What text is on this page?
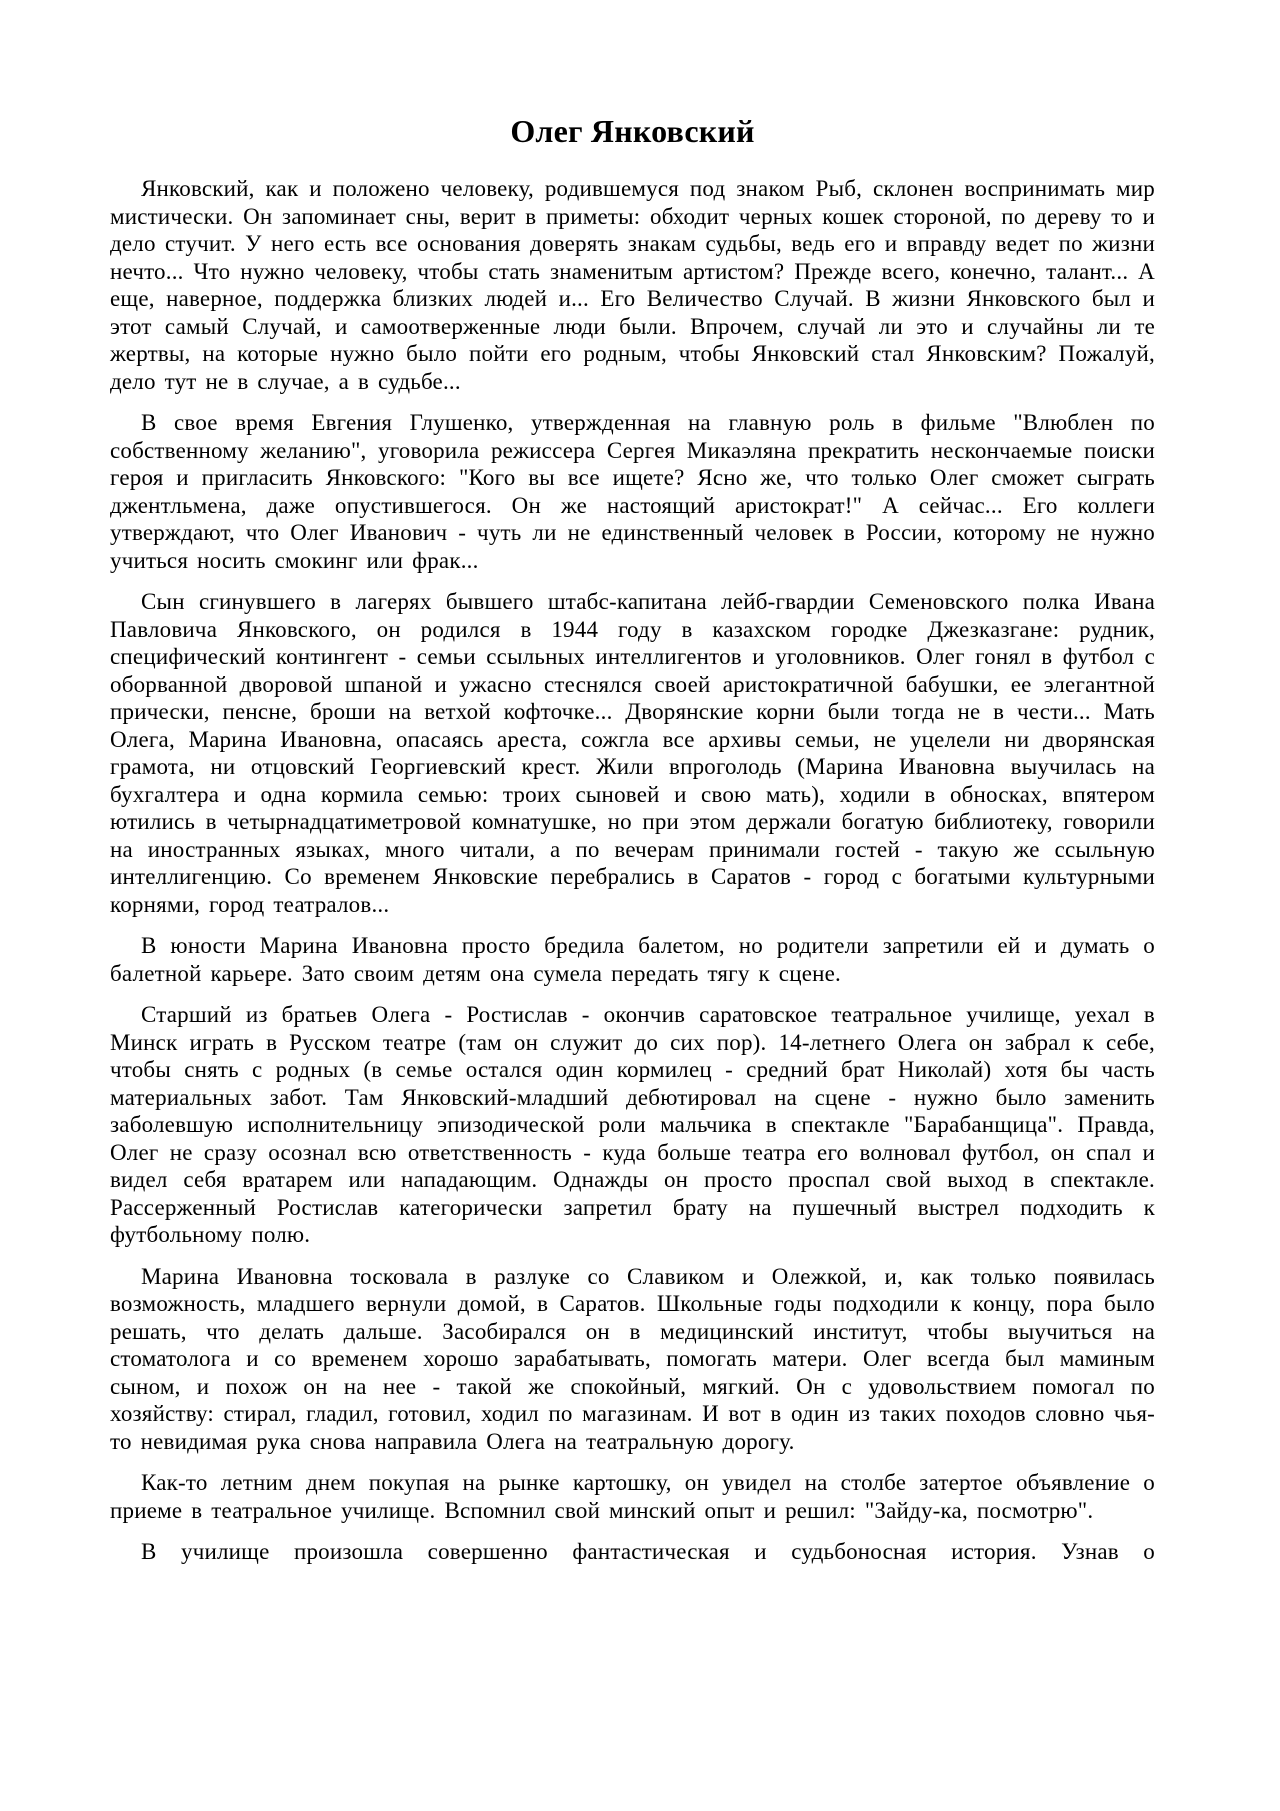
Олег Янковский

Янковский, как и положено человеку, родившемуся под знаком Рыб, склонен воспринимать мир мистически. Он запоминает сны, верит в приметы: обходит черных кошек стороной, по дереву то и дело стучит. У него есть все основания доверять знакам судьбы, ведь его и вправду ведет по жизни нечто... Что нужно человеку, чтобы стать знаменитым артистом? Прежде всего, конечно, талант... А еще, наверное, поддержка близких людей и... Его Величество Случай. В жизни Янковского был и этот самый Случай, и самоотверженные люди были. Впрочем, случай ли это и случайны ли те жертвы, на которые нужно было пойти его родным, чтобы Янковский стал Янковским? Пожалуй, дело тут не в случае, а в судьбе...

В свое время Евгения Глушенко, утвержденная на главную роль в фильме "Влюблен по собственному желанию", уговорила режиссера Сергея Микаэляна прекратить нескончаемые поиски героя и пригласить Янковского: "Кого вы все ищете? Ясно же, что только Олег сможет сыграть джентльмена, даже опустившегося. Он же настоящий аристократ!" А сейчас... Его коллеги утверждают, что Олег Иванович - чуть ли не единственный человек в России, которому не нужно учиться носить смокинг или фрак...

Сын сгинувшего в лагерях бывшего штабс-капитана лейб-гвардии Семеновского полка Ивана Павловича Янковского, он родился в 1944 году в казахском городке Джезказгане: рудник, специфический контингент - семьи ссыльных интеллигентов и уголовников. Олег гонял в футбол с оборванной дворовой шпаной и ужасно стеснялся своей аристократичной бабушки, ее элегантной прически, пенсне, броши на ветхой кофточке... Дворянские корни были тогда не в чести... Мать Олега, Марина Ивановна, опасаясь ареста, сожгла все архивы семьи, не уцелели ни дворянская грамота, ни отцовский Георгиевский крест. Жили впроголодь (Марина Ивановна выучилась на бухгалтера и одна кормила семью: троих сыновей и свою мать), ходили в обносках, впятером ютились в четырнадцатиметровой комнатушке, но при этом держали богатую библиотеку, говорили на иностранных языках, много читали, а по вечерам принимали гостей - такую же ссыльную интеллигенцию. Со временем Янковские перебрались в Саратов - город с богатыми культурными корнями, город театралов...

В юности Марина Ивановна просто бредила балетом, но родители запретили ей и думать о балетной карьере. Зато своим детям она сумела передать тягу к сцене.

Старший из братьев Олега - Ростислав - окончив саратовское театральное училище, уехал в Минск играть в Русском театре (там он служит до сих пор). 14-летнего Олега он забрал к себе, чтобы снять с родных (в семье остался один кормилец - средний брат Николай) хотя бы часть материальных забот. Там Янковский-младший дебютировал на сцене - нужно было заменить заболевшую исполнительницу эпизодической роли мальчика в спектакле "Барабанщица". Правда, Олег не сразу осознал всю ответственность - куда больше театра его волновал футбол, он спал и видел себя вратарем или нападающим. Однажды он просто проспал свой выход в спектакле. Рассерженный Ростислав категорически запретил брату на пушечный выстрел подходить к футбольному полю.

Марина Ивановна тосковала в разлуке со Славиком и Олежкой, и, как только появилась возможность, младшего вернули домой, в Саратов. Школьные годы подходили к концу, пора было решать, что делать дальше. Засобирался он в медицинский институт, чтобы выучиться на стоматолога и со временем хорошо зарабатывать, помогать матери. Олег всегда был маминым сыном, и похож он на нее - такой же спокойный, мягкий. Он с удовольствием помогал по хозяйству: стирал, гладил, готовил, ходил по магазинам. И вот в один из таких походов словно чья-то невидимая рука снова направила Олега на театральную дорогу.

Как-то летним днем покупая на рынке картошку, он увидел на столбе затертое объявление о приеме в театральное училище. Вспомнил свой минский опыт и решил: "Зайду-ка, посмотрю".

В училище произошла совершенно фантастическая и судьбоносная история. Узнав о
